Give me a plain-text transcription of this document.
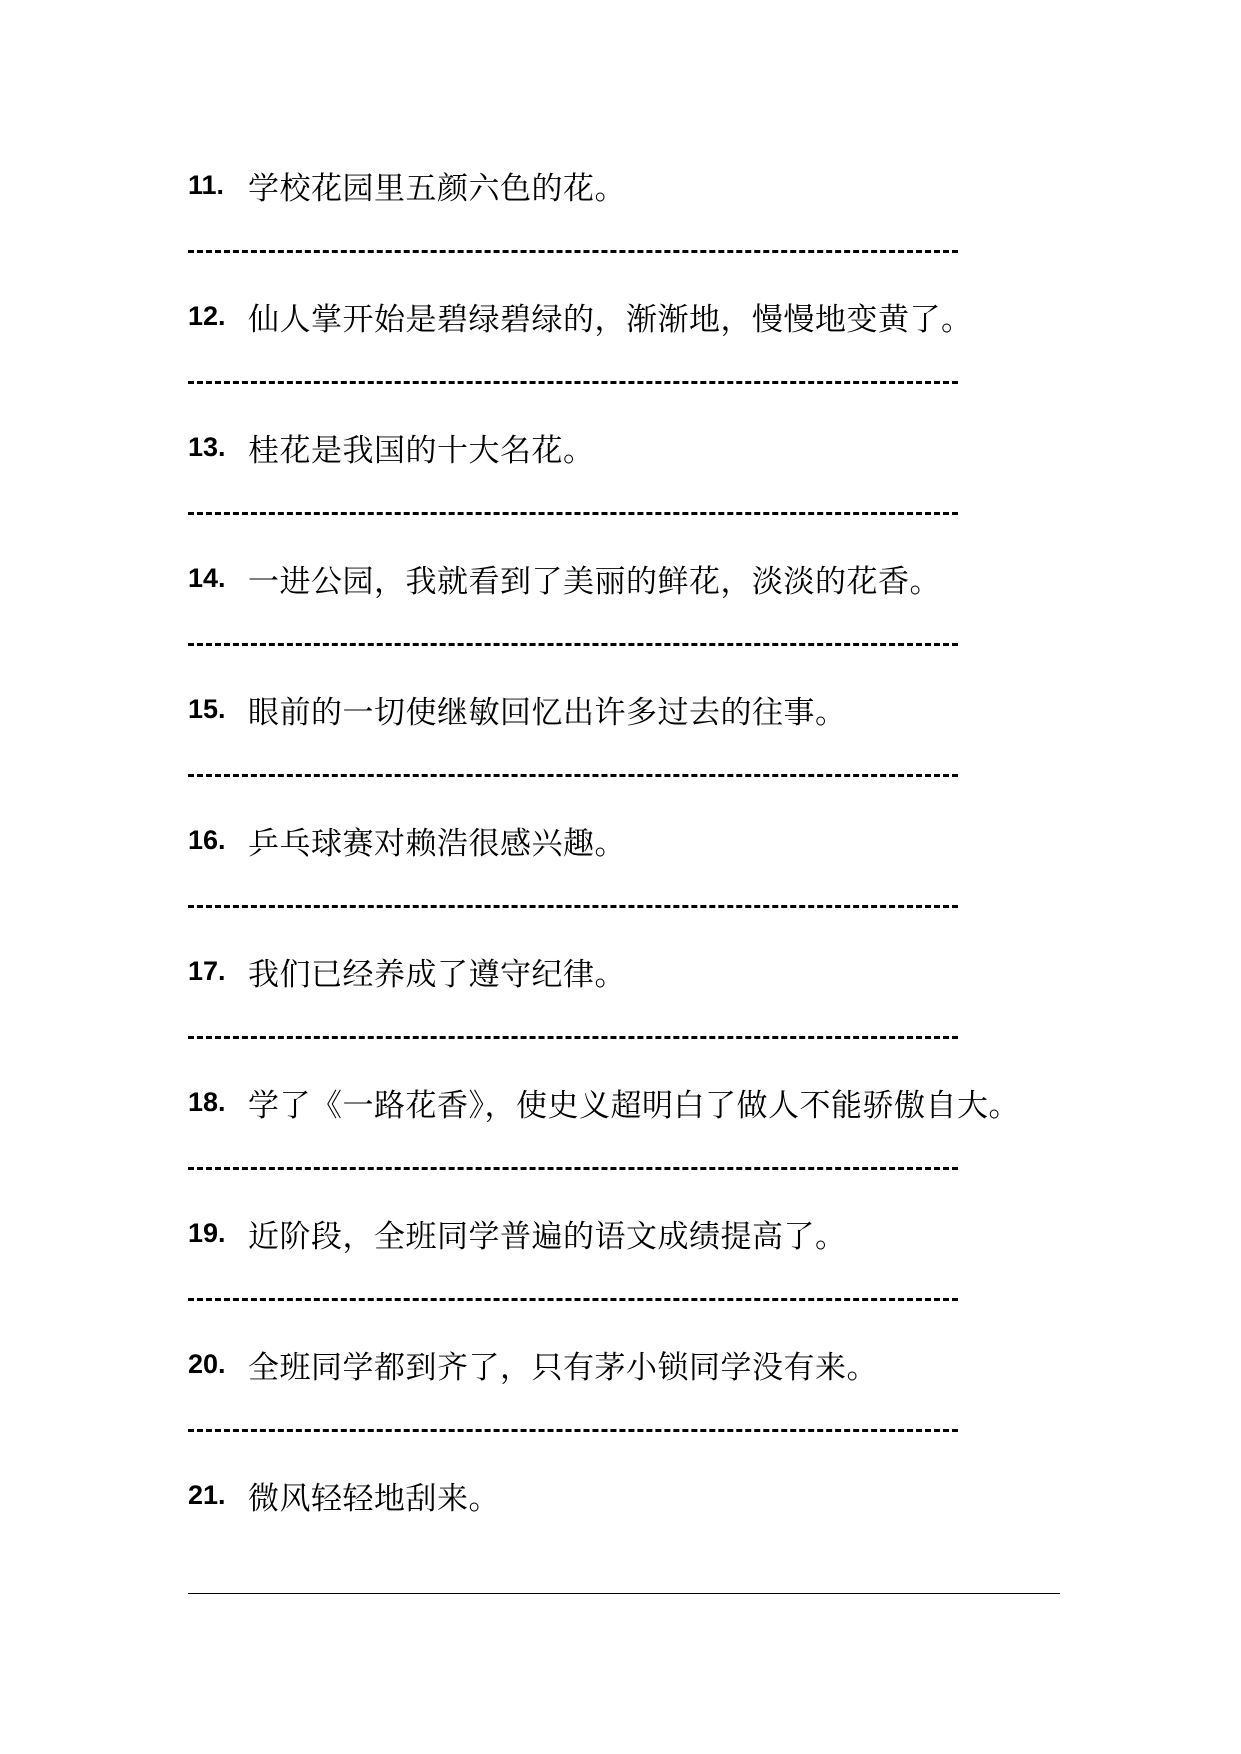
11. 学校花园里五颜六色的花。
12. 仙人掌开始是碧绿碧绿的，渐渐地，慢慢地变黄了。
13. 桂花是我国的十大名花。
14. 一进公园，我就看到了美丽的鲜花，淡淡的花香。
15. 眼前的一切使继敏回忆出许多过去的往事。
16. 乒乓球赛对赖浩很感兴趣。
17. 我们已经养成了遵守纪律。
18. 学了《一路花香》，使史义超明白了做人不能骄傲自大。
19. 近阶段，全班同学普遍的语文成绩提高了。
20. 全班同学都到齐了，只有茅小锁同学没有来。
21. 微风轻轻地刮来。
